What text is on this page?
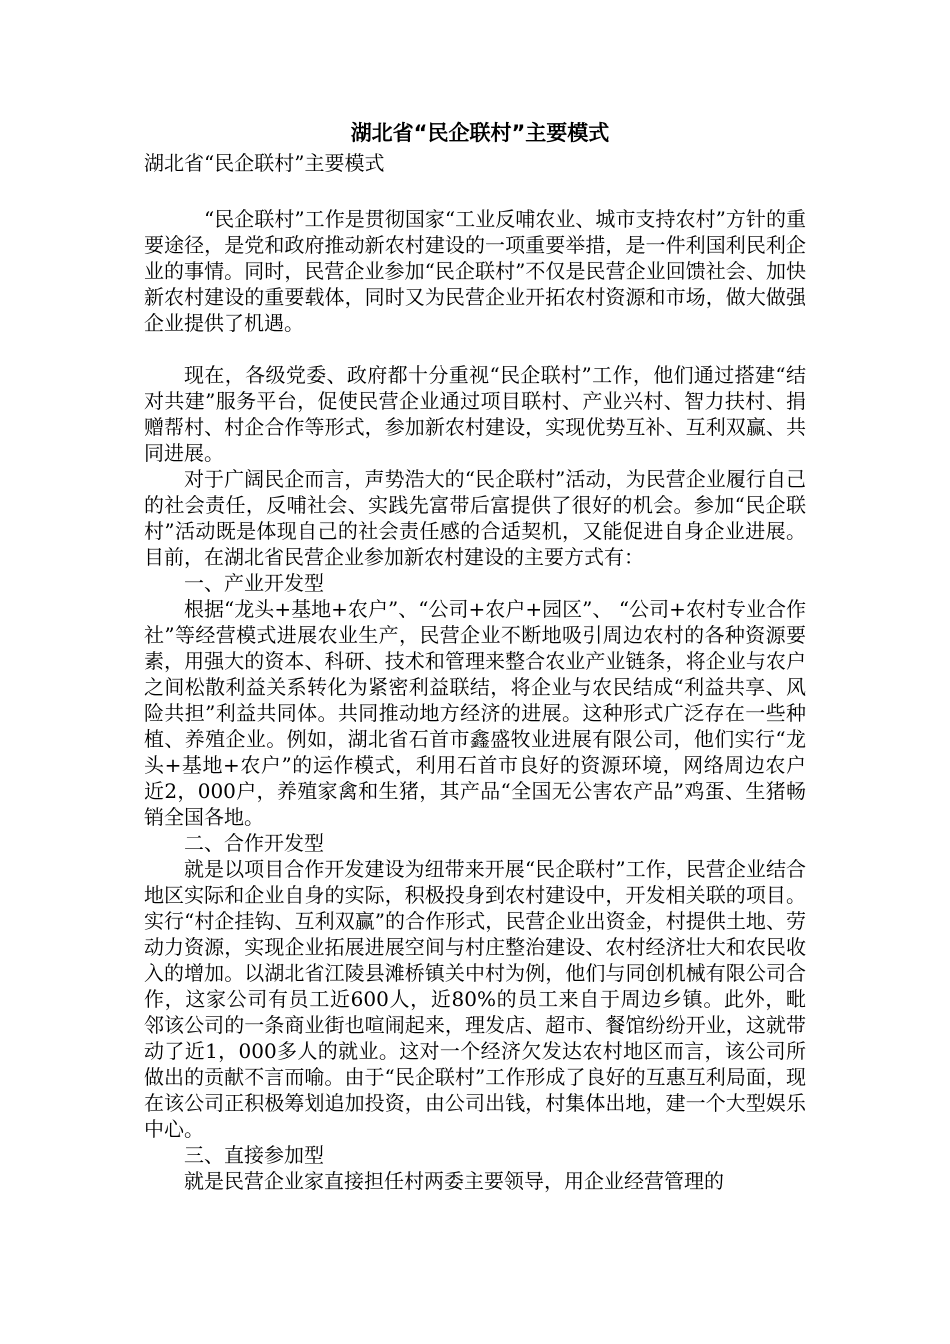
湖北省“民企联村”主要模式
湖北省“民企联村”主要模式

“民企联村”工作是贯彻国家“工业反哺农业、城市支持农村”方针的重要途径，是党和政府推动新农村建设的一项重要举措，是一件利国利民利企业的事情。同时，民营企业参加“民企联村”不仅是民营企业回馈社会、加快新农村建设的重要载体，同时又为民营企业开拓农村资源和市场，做大做强企业提供了机遇。

现在，各级党委、政府都十分重视“民企联村”工作，他们通过搭建“结对共建”服务平台，促使民营企业通过项目联村、产业兴村、智力扶村、捐赠帮村、村企合作等形式，参加新农村建设，实现优势互补、互利双赢、共同进展。

对于广阔民企而言，声势浩大的“民企联村”活动，为民营企业履行自己的社会责任，反哺社会、实践先富带后富提供了很好的机会。参加“民企联村”活动既是体现自己的社会责任感的合适契机，又能促进自身企业进展。目前，在湖北省民营企业参加新农村建设的主要方式有：

一、产业开发型

根据“龙头+基地+农户”、“公司+农户+园区”、 “公司+农村专业合作社”等经营模式进展农业生产，民营企业不断地吸引周边农村的各种资源要素，用强大的资本、科研、技术和管理来整合农业产业链条，将企业与农户之间松散利益关系转化为紧密利益联结，将企业与农民结成“利益共享、风险共担”利益共同体。共同推动地方经济的进展。这种形式广泛存在一些种植、养殖企业。例如，湖北省石首市鑫盛牧业进展有限公司，他们实行“龙头+基地+农户”的运作模式，利用石首市良好的资源环境，网络周边农户近2，000户，养殖家禽和生猪，其产品“全国无公害农产品”鸡蛋、生猪畅销全国各地。

二、合作开发型

就是以项目合作开发建设为纽带来开展“民企联村”工作，民营企业结合地区实际和企业自身的实际，积极投身到农村建设中，开发相关联的项目。实行“村企挂钩、互利双赢”的合作形式，民营企业出资金，村提供土地、劳动力资源，实现企业拓展进展空间与村庄整治建设、农村经济壮大和农民收入的增加。以湖北省江陵县滩桥镇关中村为例，他们与同创机械有限公司合作，这家公司有员工近600人，近80%的员工来自于周边乡镇。此外，毗邻该公司的一条商业街也喧闹起来，理发店、超市、餐馆纷纷开业，这就带动了近1，000多人的就业。这对一个经济欠发达农村地区而言，该公司所做出的贡献不言而喻。由于“民企联村”工作形成了良好的互惠互利局面，现在该公司正积极筹划追加投资，由公司出钱，村集体出地，建一个大型娱乐中心。

三、直接参加型

就是民营企业家直接担任村两委主要领导，用企业经营管理的
